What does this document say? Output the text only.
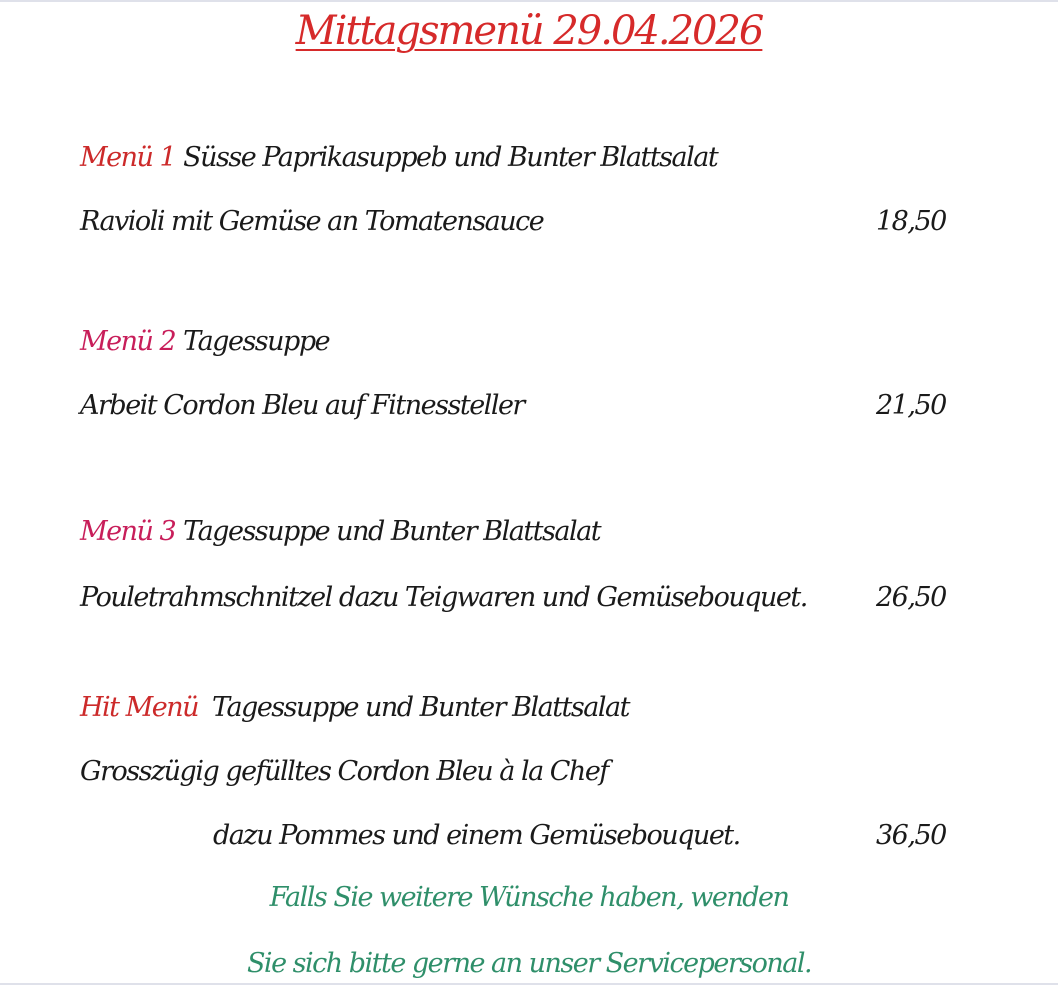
Mittagsmenü 29.04.2026
Menü 1 Süsse Paprikasuppeb und Bunter Blattsalat
Ravioli mit Gemüse an Tomatensauce	18,50
Menü 2 Tagessuppe
Arbeit Cordon Bleu auf Fitnessteller	21,50
Menü 3 Tagessuppe und Bunter Blattsalat
Pouletrahmschnitzel dazu Teigwaren und Gemüsebouquet.	26,50
Hit Menü Tagessuppe und Bunter Blattsalat
Grosszügig gefülltes Cordon Bleu à la Chef
dazu Pommes und einem Gemüsebouquet.	36,50
Falls Sie weitere Wünsche haben, wenden
Sie sich bitte gerne an unser Servicepersonal.
